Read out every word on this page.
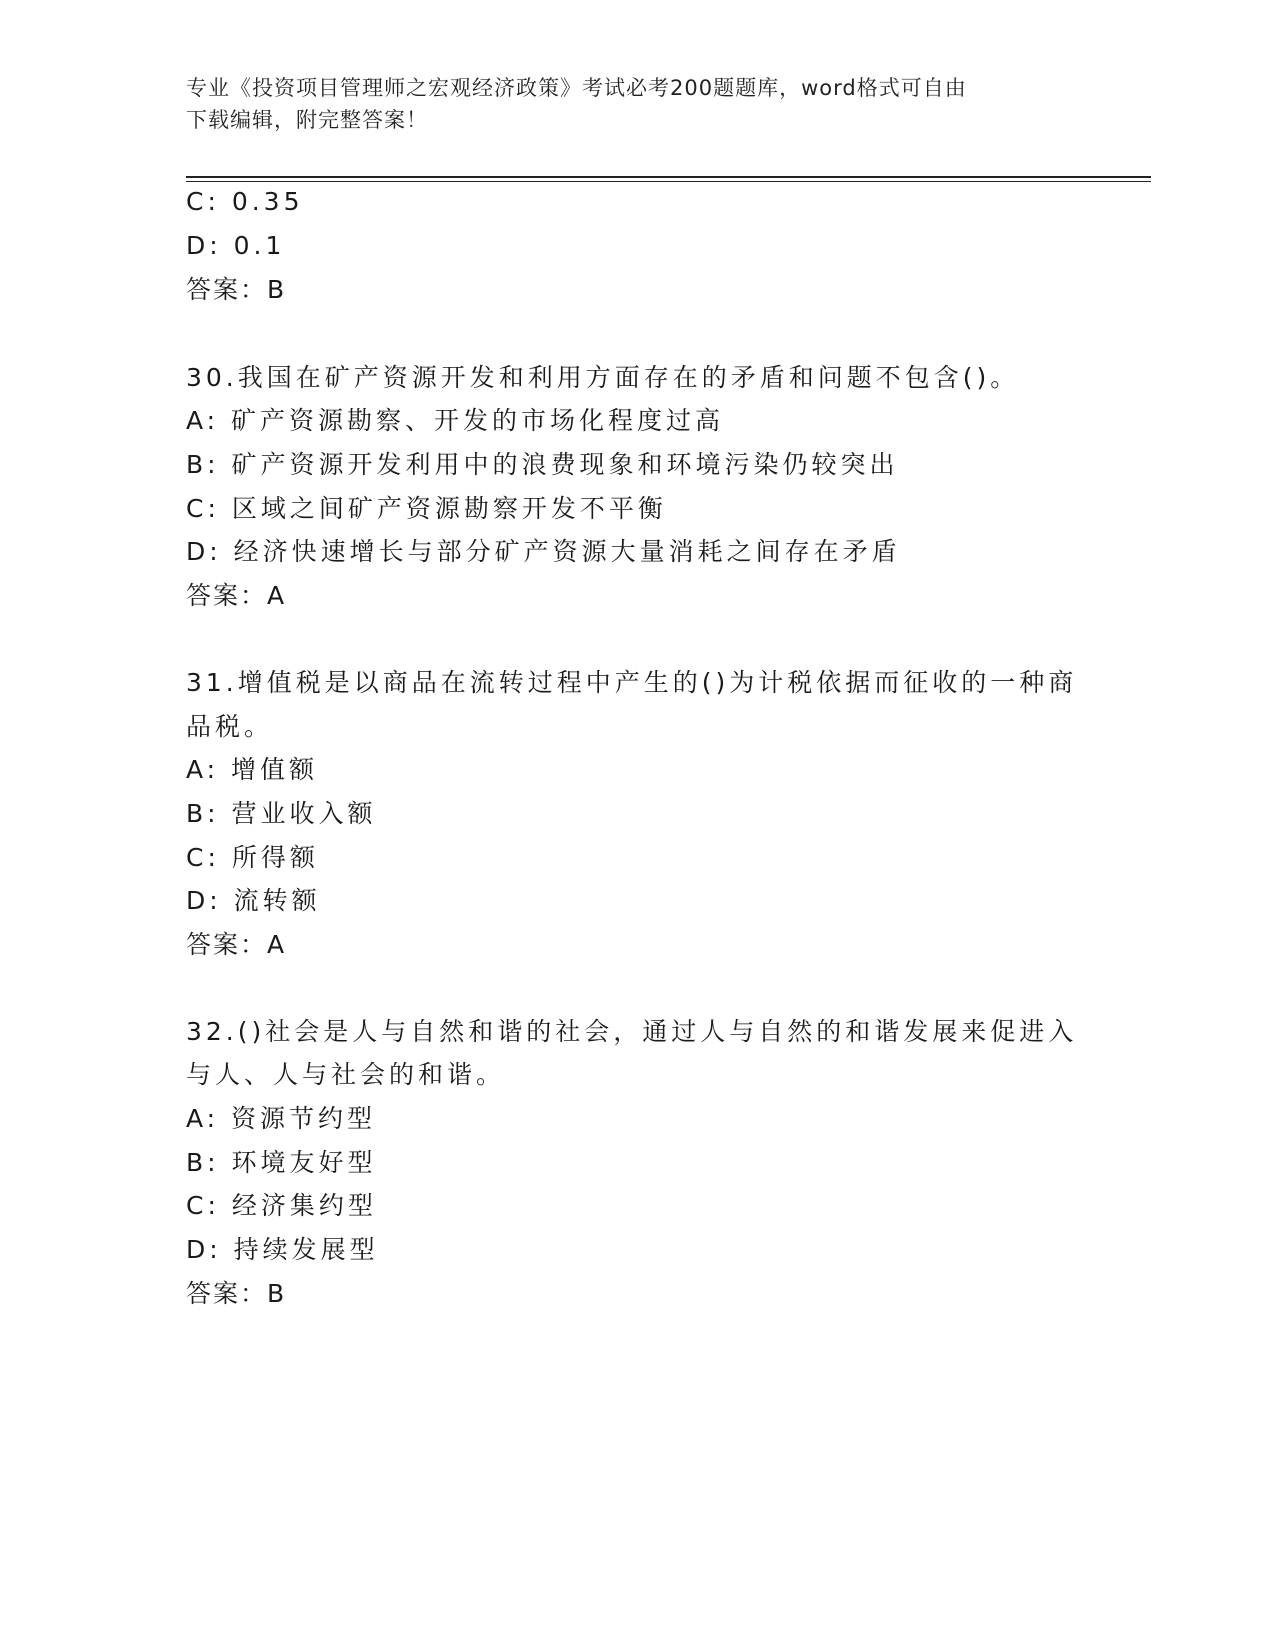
专业《投资项目管理师之宏观经济政策》考试必考200题题库，word格式可自由
下载编辑，附完整答案！
C: 0.35
D: 0.1
答案：B
30.我国在矿产资源开发和利用方面存在的矛盾和问题不包含()。
A: 矿产资源勘察、开发的市场化程度过高
B: 矿产资源开发利用中的浪费现象和环境污染仍较突出
C: 区域之间矿产资源勘察开发不平衡
D: 经济快速增长与部分矿产资源大量消耗之间存在矛盾
答案：A
31.增值税是以商品在流转过程中产生的()为计税依据而征收的一种商
品税。
A: 增值额
B: 营业收入额
C: 所得额
D: 流转额
答案：A
32.()社会是人与自然和谐的社会，通过人与自然的和谐发展来促进入
与人、人与社会的和谐。
A: 资源节约型
B: 环境友好型
C: 经济集约型
D: 持续发展型
答案：B
